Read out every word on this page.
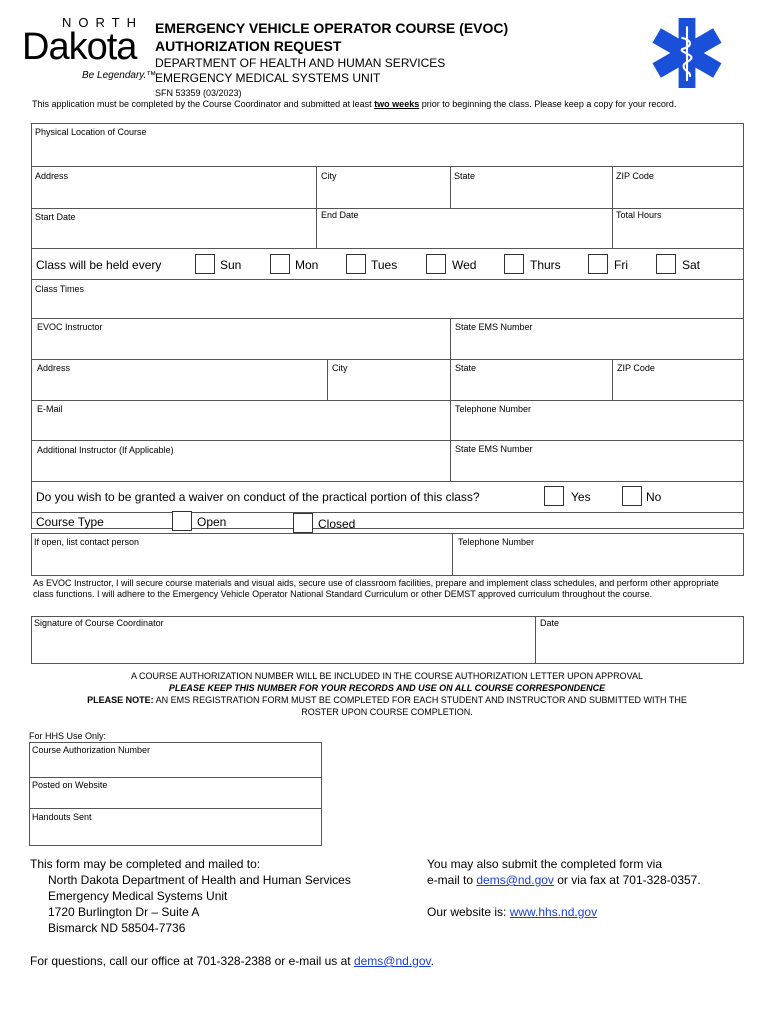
NORTH
Dakota
Be Legendary.™
EMERGENCY VEHICLE OPERATOR COURSE (EVOC)
AUTHORIZATION REQUEST
DEPARTMENT OF HEALTH AND HUMAN SERVICES
EMERGENCY MEDICAL SYSTEMS UNIT
SFN 53359 (03/2023)
This application must be completed by the Course Coordinator and submitted at least two weeks prior to beginning the class. Please keep a copy for your record.
Physical Location of Course
Address	City	State	ZIP Code
Start Date	End Date	Total Hours
Class will be held every	Sun	Mon	Tues	Wed	Thurs	Fri	Sat
Class Times
EVOC Instructor	State EMS Number
Address	City	State	ZIP Code
E-Mail	Telephone Number
Additional Instructor (If Applicable)	State EMS Number
Do you wish to be granted a waiver on conduct of the practical portion of this class?	Yes	No
Course Type	Open	Closed
If open, list contact person	Telephone Number
As EVOC Instructor, I will secure course materials and visual aids, secure use of classroom facilities, prepare and implement class schedules, and perform other appropriate class functions. I will adhere to the Emergency Vehicle Operator National Standard Curriculum or other DEMST approved curriculum throughout the course.
Signature of Course Coordinator	Date
A COURSE AUTHORIZATION NUMBER WILL BE INCLUDED IN THE COURSE AUTHORIZATION LETTER UPON APPROVAL
PLEASE KEEP THIS NUMBER FOR YOUR RECORDS AND USE ON ALL COURSE CORRESPONDENCE
PLEASE NOTE: AN EMS REGISTRATION FORM MUST BE COMPLETED FOR EACH STUDENT AND INSTRUCTOR AND SUBMITTED WITH THE
ROSTER UPON COURSE COMPLETION.
For HHS Use Only:
Course Authorization Number
Posted on Website
Handouts Sent
This form may be completed and mailed to:
North Dakota Department of Health and Human Services
Emergency Medical Systems Unit
1720 Burlington Dr – Suite A
Bismarck ND 58504-7736
You may also submit the completed form via
e-mail to dems@nd.gov or via fax at 701-328-0357.
Our website is: www.hhs.nd.gov
For questions, call our office at 701-328-2388 or e-mail us at dems@nd.gov.
